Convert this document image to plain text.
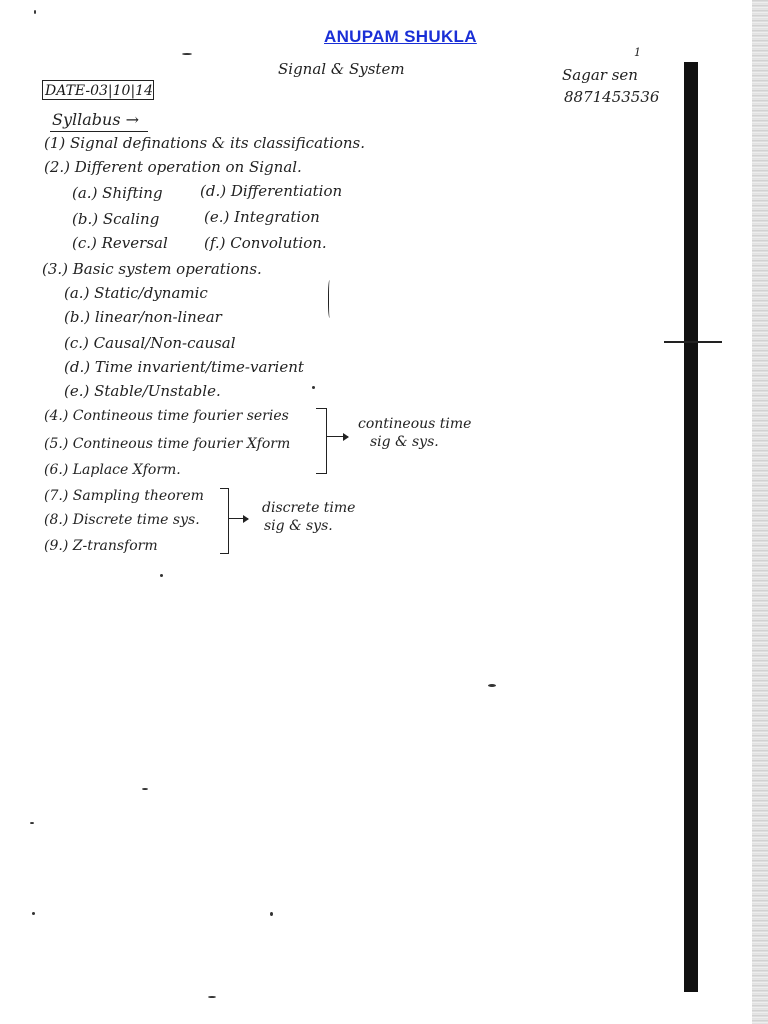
ANUPAM SHUKLA
1
Signal & System	Sagar sen
8871453536
DATE-03|10|14
Syllabus →
(1) Signal definations & its classifications.
(2.) Different operation on Signal.
(a.) Shifting (d.) Differentiation
(b.) Scaling	(e.) Integration
(c.) Reversal (f.) Convolution.
(3.) Basic system operations.
(a.) Static/dynamic
(b.) linear/non-linear
(c.) Causal/Non-causal
(d.) Time invarient/time-varient
(e.) Stable/Unstable.
(4.) Contineous time fourier series
(5.) Contineous time fourier Xform
(6.) Laplace Xform.
contineous time
sig & sys.
(7.) Sampling theorem
(8.) Discrete time sys.
(9.) Z-transform
discrete time
sig & sys.
